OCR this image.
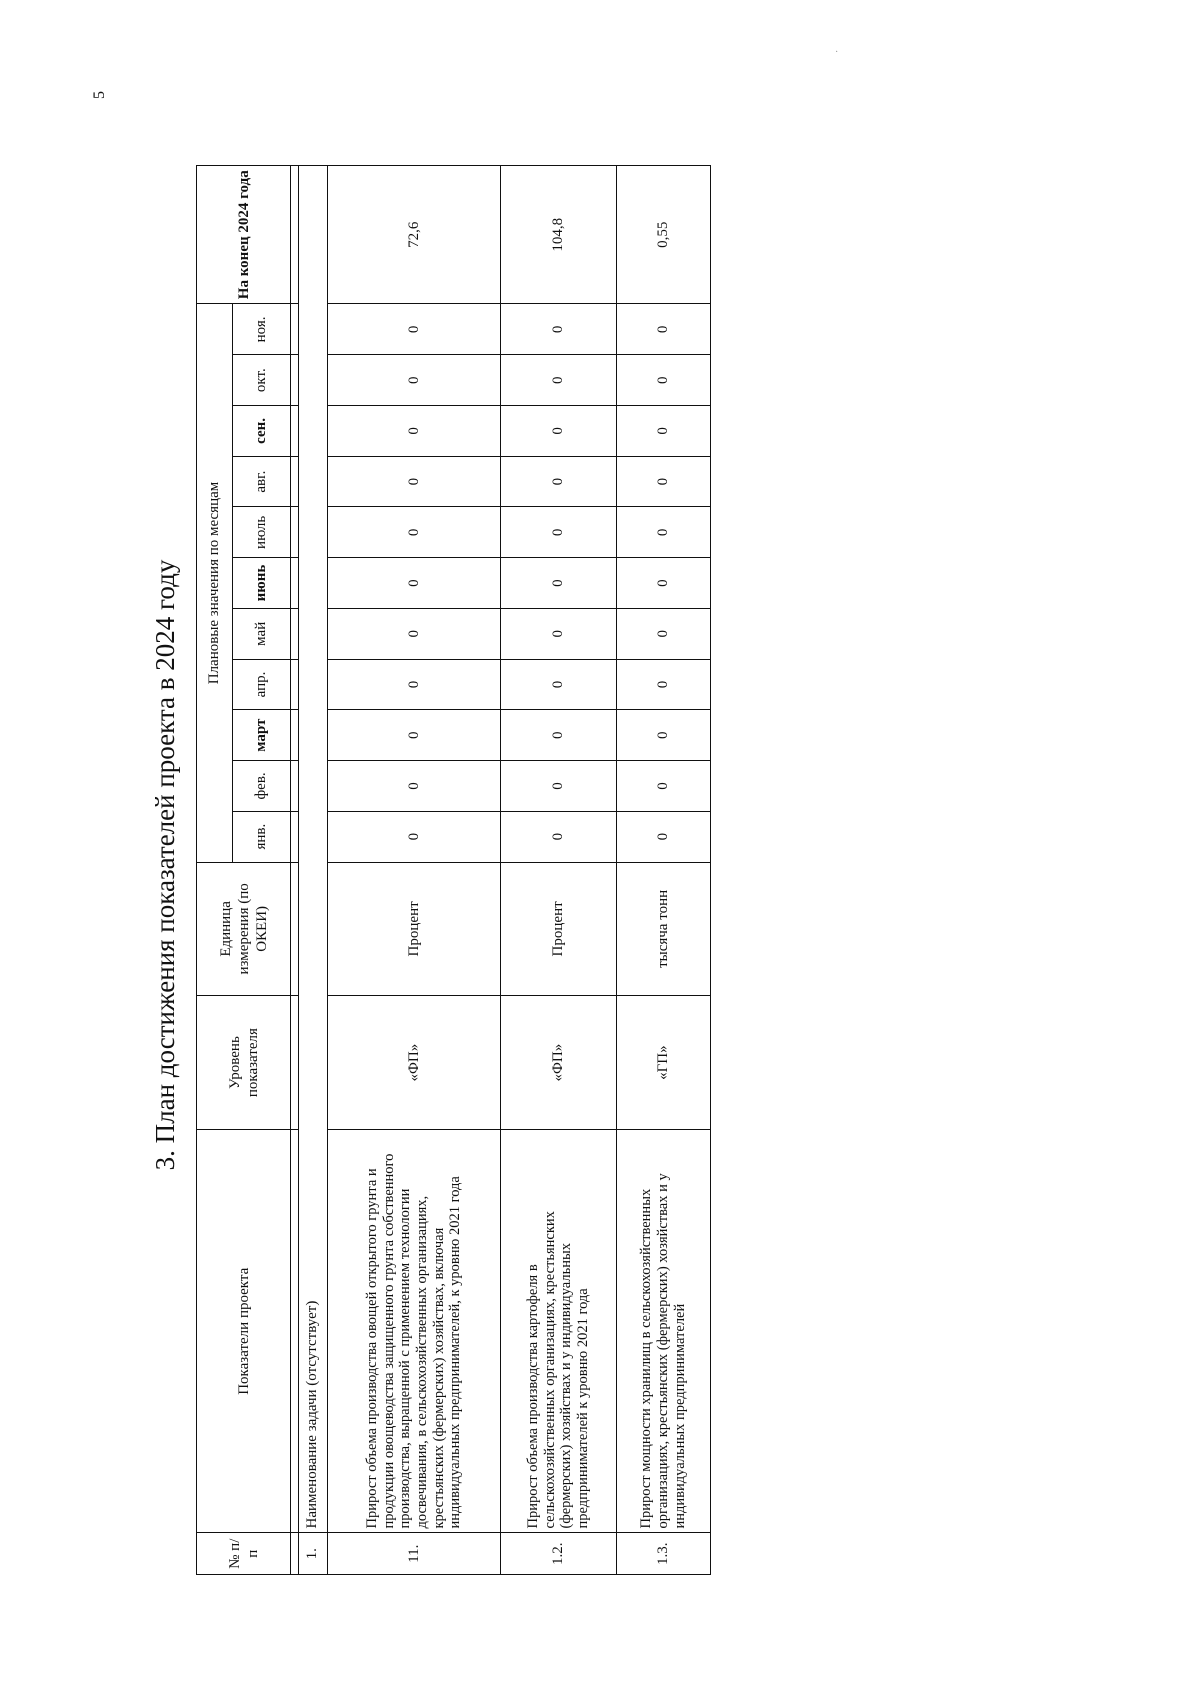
5
·
3. План достижения показателей проекта в 2024 году
№ п/п	Показатели проекта	Уровень показателя	Единица измерения (по ОКЕИ)	Плановые значения по месяцам											На конец 2024 года
				янв.	фев.	март	апр.	май	июнь	июль	авг.	сен.	окт.	ноя.	

1.	Наименование задачи (отсутствует)														
11.	Прирост объема производства овощей открытого грунта и продукции овощеводства защищенного грунта собственного производства, выращенной с применением технологии досвечивания, в сельскохозяйственных организациях, крестьянских (фермерских) хозяйствах, включая индивидуальных предпринимателей, к уровню 2021 года	«ФП»	Процент	0	0	0	0	0	0	0	0	0	0	0	72,6
1.2.	Прирост объема производства картофеля в сельскохозяйственных организациях, крестьянских (фермерских) хозяйствах и у индивидуальных предпринимателей к уровню 2021 года	«ФП»	Процент	0	0	0	0	0	0	0	0	0	0	0	104,8
1.3.	Прирост мощности хранилищ в сельскохозяйственных организациях, крестьянских (фермерских) хозяйствах и у индивидуальных предпринимателей	«ГП»	тысяча тонн	0	0	0	0	0	0	0	0	0	0	0	0,55
